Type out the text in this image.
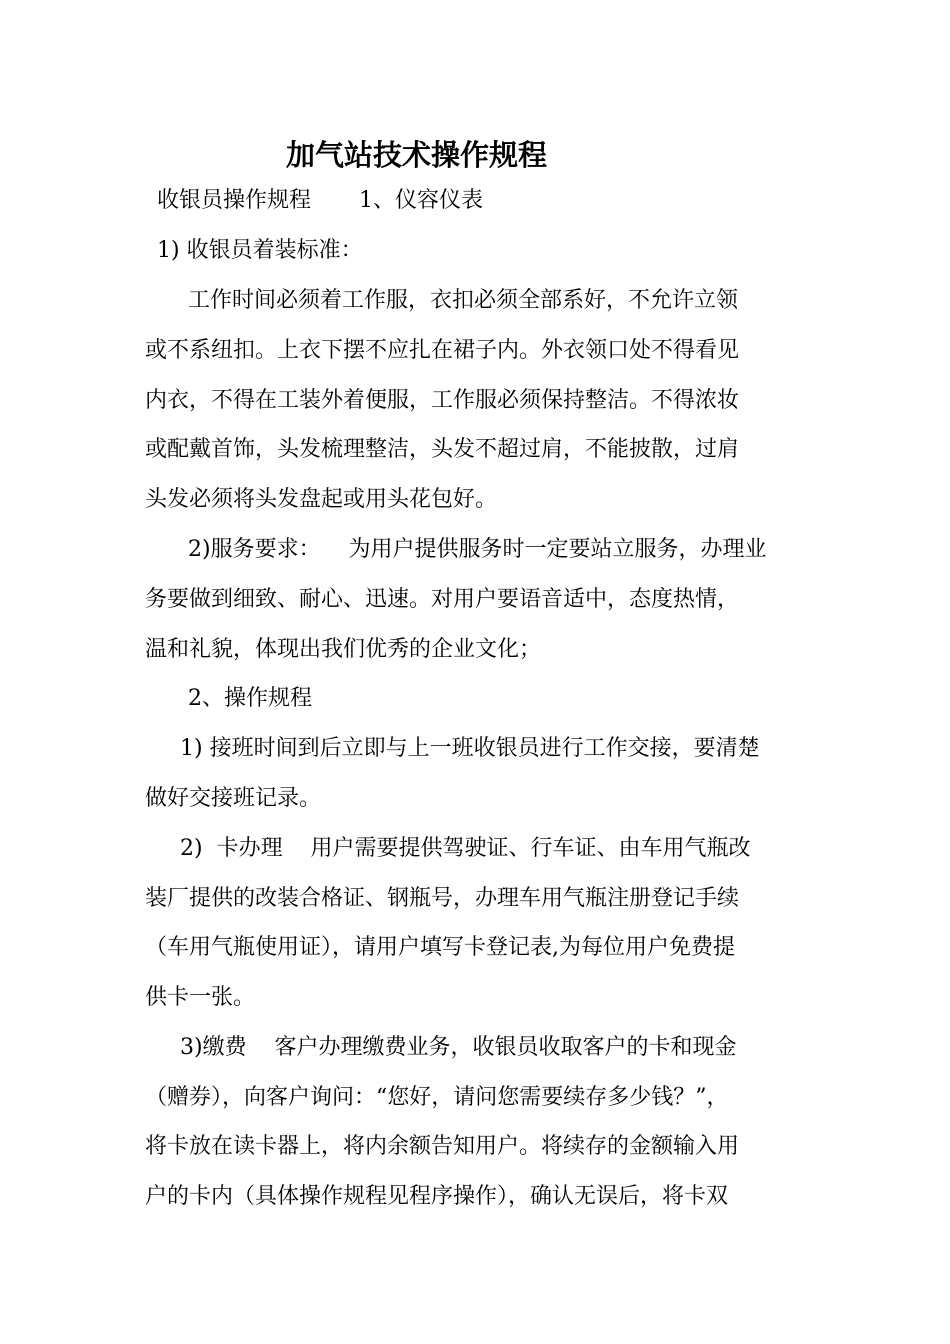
加气站技术操作规程
收银员操作规程 1、仪容仪表
1) 收银员着装标准：
工作时间必须着工作服，衣扣必须全部系好，不允许立领
或不系纽扣。上衣下摆不应扎在裙子内。外衣领口处不得看见
内衣，不得在工装外着便服，工作服必须保持整洁。不得浓妆
或配戴首饰，头发梳理整洁，头发不超过肩，不能披散，过肩
头发必须将头发盘起或用头花包好。
2)服务要求：    为用户提供服务时一定要站立服务，办理业
务要做到细致、耐心、迅速。对用户要语音适中，态度热情，
温和礼貌，体现出我们优秀的企业文化；
2、操作规程
1) 接班时间到后立即与上一班收银员进行工作交接，要清楚
做好交接班记录。
2)  卡办理    用户需要提供驾驶证、行车证、由车用气瓶改
装厂提供的改装合格证、钢瓶号，办理车用气瓶注册登记手续
（车用气瓶使用证），请用户填写卡登记表,为每位用户免费提
供卡一张。
3)缴费    客户办理缴费业务，收银员收取客户的卡和现金
（赠券），向客户询问：“您好，请问您需要续存多少钱？”，
将卡放在读卡器上，将内余额告知用户。将续存的金额输入用
户的卡内（具体操作规程见程序操作），确认无误后，将卡双
